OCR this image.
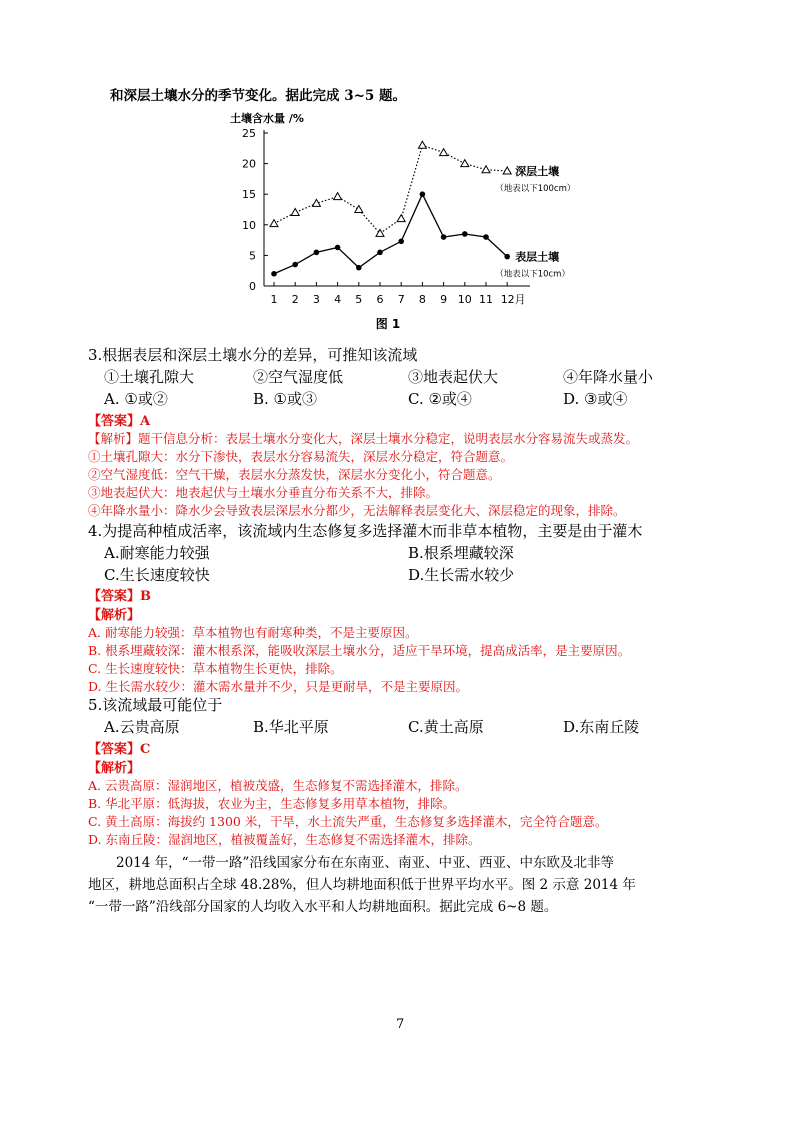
和深层土壤水分的季节变化。据此完成 3~5 题。
土壤含水量 /%
0
5
10
15
20
25
1 2 3 4 5 6 7 8 9 10 11 12月
深层土壤
（地表以下100cm）
表层土壤
（地表以下10cm）
图 1
3.根据表层和深层土壤水分的差异，可推知该流域
①土壤孔隙大	②空气湿度低	③地表起伏大	④年降水量小
A. ①或②	B. ①或③	C. ②或④	D. ③或④
【答案】A
【解析】题干信息分析：表层土壤水分变化大，深层土壤水分稳定，说明表层水分容易流失或蒸发。
①土壤孔隙大：水分下渗快，表层水分容易流失，深层水分稳定，符合题意。
②空气湿度低：空气干燥，表层水分蒸发快，深层水分变化小，符合题意。
③地表起伏大：地表起伏与土壤水分垂直分布关系不大，排除。
④年降水量小：降水少会导致表层深层水分都少，无法解释表层变化大、深层稳定的现象，排除。
4.为提高种植成活率，该流域内生态修复多选择灌木而非草本植物，主要是由于灌木
A.耐寒能力较强	B.根系埋藏较深
C.生长速度较快	D.生长需水较少
【答案】B
【解析】
A. 耐寒能力较强：草本植物也有耐寒种类，不是主要原因。
B. 根系埋藏较深：灌木根系深，能吸收深层土壤水分，适应干旱环境，提高成活率，是主要原因。
C. 生长速度较快：草本植物生长更快，排除。
D. 生长需水较少：灌木需水量并不少，只是更耐旱，不是主要原因。
5.该流域最可能位于
A.云贵高原	B.华北平原	C.黄土高原	D.东南丘陵
【答案】C
【解析】
A. 云贵高原：湿润地区，植被茂盛，生态修复不需选择灌木，排除。
B. 华北平原：低海拔，农业为主，生态修复多用草本植物，排除。
C. 黄土高原：海拔约 1300 米，干旱，水土流失严重，生态修复多选择灌木，完全符合题意。
D. 东南丘陵：湿润地区，植被覆盖好，生态修复不需选择灌木，排除。
2014 年，“一带一路”沿线国家分布在东南亚、南亚、中亚、西亚、中东欧及北非等
地区，耕地总面积占全球 48.28%，但人均耕地面积低于世界平均水平。图 2 示意 2014 年
“一带一路”沿线部分国家的人均收入水平和人均耕地面积。据此完成 6~8 题。
7
